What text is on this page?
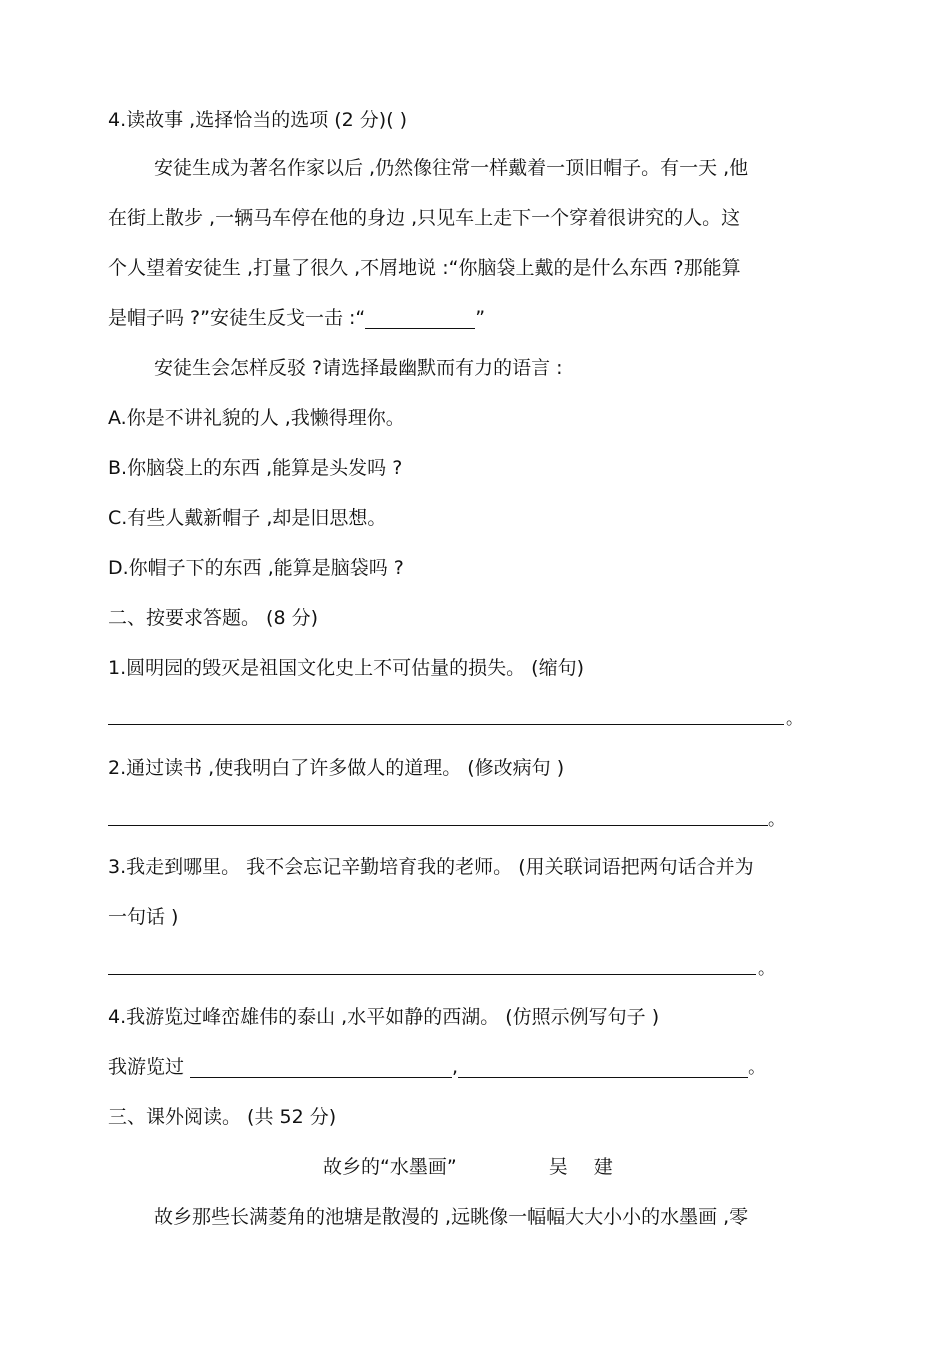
4.读故事 ,选择恰当的选项 (2 分)( )
安徒生成为著名作家以后 ,仍然像往常一样戴着一顶旧帽子。有一天 ,他
在街上散步 ,一辆马车停在他的身边 ,只见车上走下一个穿着很讲究的人。这
个人望着安徒生 ,打量了很久 ,不屑地说 :“你脑袋上戴的是什么东西 ?那能算
是帽子吗 ?”安徒生反戈一击 :“	”
安徒生会怎样反驳 ?请选择最幽默而有力的语言 :
A.你是不讲礼貌的人 ,我懒得理你。
B.你脑袋上的东西 ,能算是头发吗 ?
C.有些人戴新帽子 ,却是旧思想。
D.你帽子下的东西 ,能算是脑袋吗 ?
二、按要求答题。 (8 分)
1.圆明园的毁灭是祖国文化史上不可估量的损失。 (缩句)
。
2.通过读书 ,使我明白了许多做人的道理。 (修改病句 )
。
3.我走到哪里。 我不会忘记辛勤培育我的老师。 (用关联词语把两句话合并为
一句话 )
。
4.我游览过峰峦雄伟的泰山 ,水平如静的西湖。 (仿照示例写句子 )
我游览过	,	。
三、课外阅读。 (共 52 分)
故乡的“水墨画”	吴建
故乡那些长满菱角的池塘是散漫的 ,远眺像一幅幅大大小小的水墨画 ,零
